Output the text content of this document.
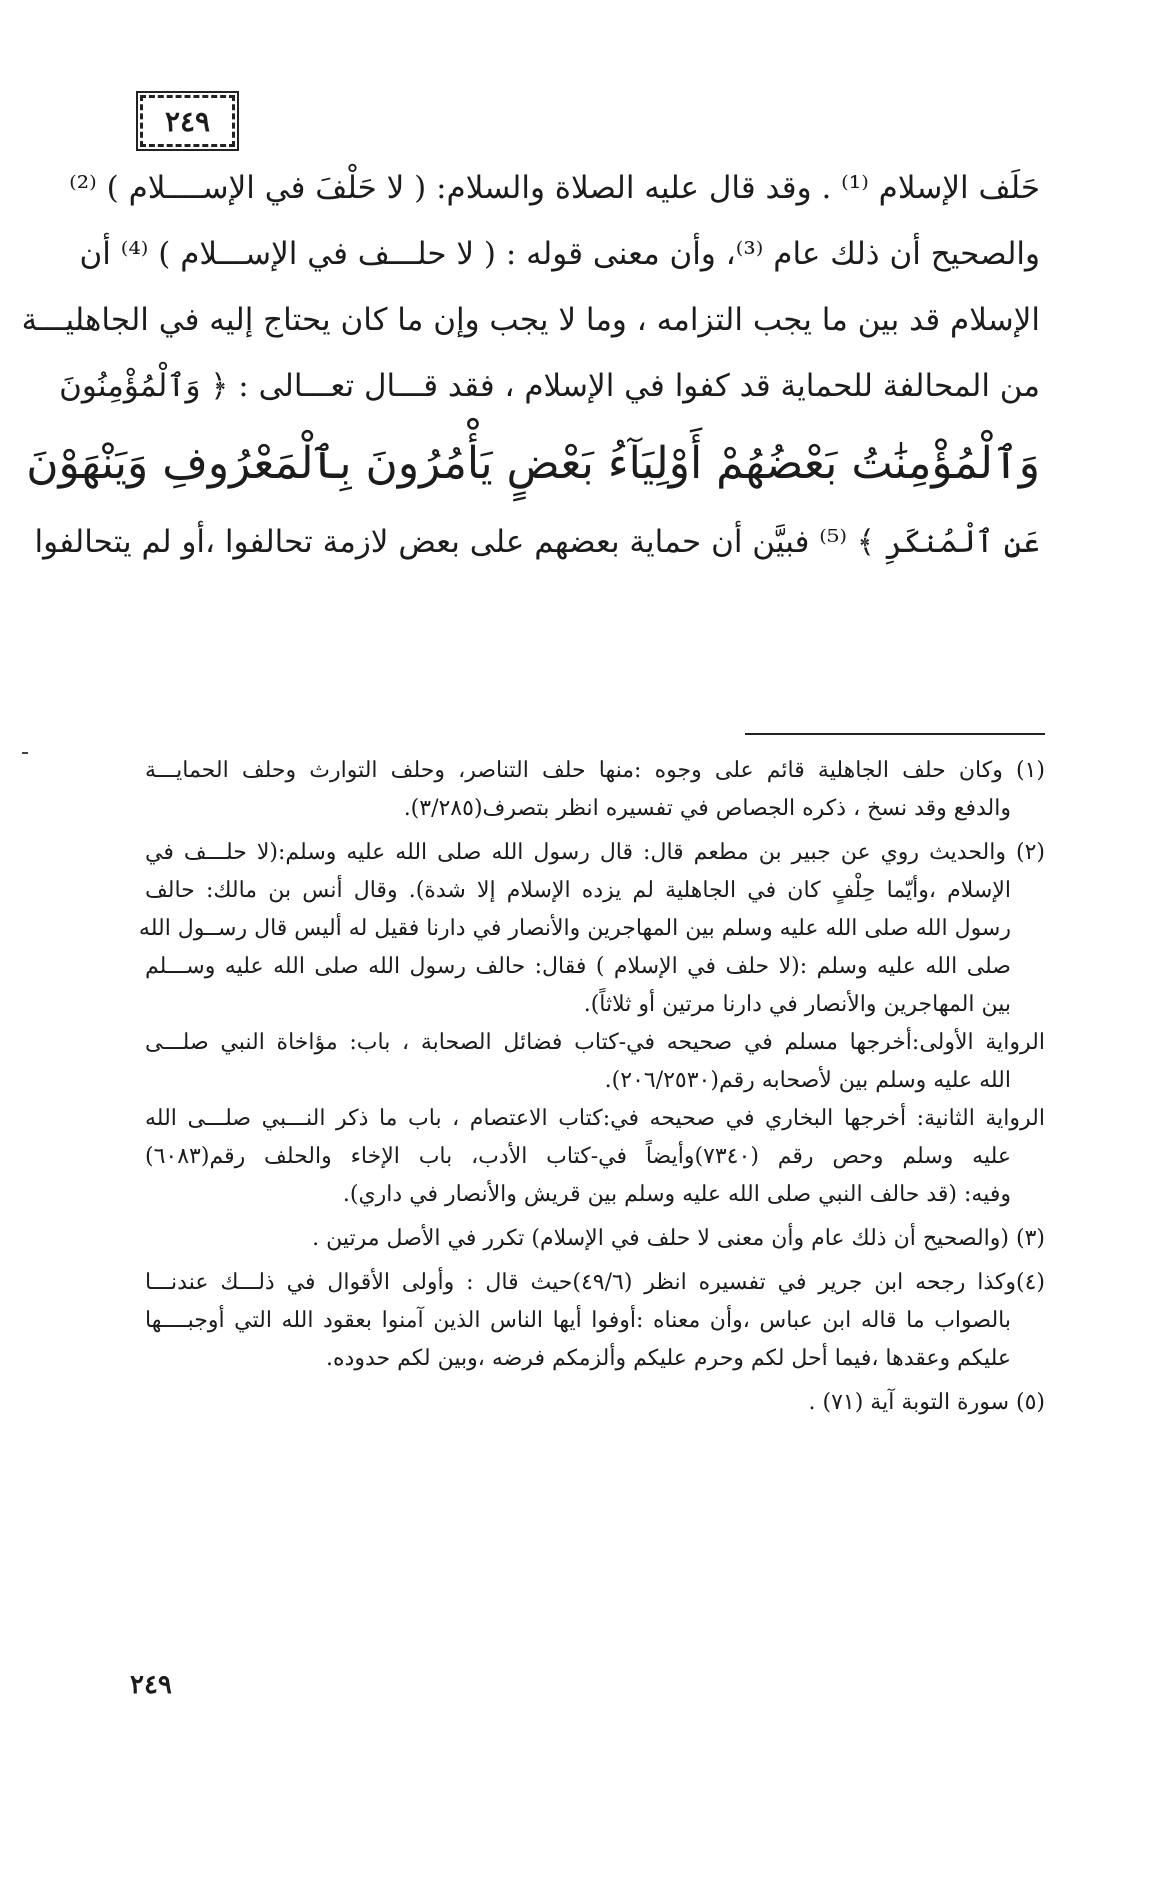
٢٤٩
حَلَف الإسلام ⁽¹⁾ . وقد قال عليه الصلاة والسلام: ( لا حَلْفَ في الإســــلام ) ⁽²⁾
والصحيح أن ذلك عام ⁽³⁾، وأن معنى قوله : ( لا حلـــف في الإســـلام ) ⁽⁴⁾ أن
الإسلام قد بين ما يجب التزامه ، وما لا يجب وإن ما كان يحتاج إليه في الجاهليـــة
من المحالفة للحماية قد كفوا في الإسلام ، فقد قـــال تعـــالى : ﴿ وَٱلْمُؤْمِنُونَ
وَٱلْمُؤْمِنَٰتُ بَعْضُهُمْ أَوْلِيَآءُ بَعْضٍ يَأْمُرُونَ بِٱلْمَعْرُوفِ وَيَنْهَوْنَ
عَنِ ٱلْمُنكَرِ ﴾ ⁽⁵⁾ فبيَّن أن حماية بعضهم على بعض لازمة تحالفوا ،أو لم يتحالفوا
(١) وكان حلف الجاهلية قائم على وجوه :منها حلف التناصر، وحلف التوارث وحلف الحمايـــة
والدفع وقد نسخ ، ذكره الجصاص في تفسيره انظر بتصرف(٣/٢٨٥).
(٢) والحديث روي عن جبير بن مطعم قال: قال رسول الله صلى الله عليه وسلم:(لا حلـــف في
الإسلام ،وأيّما حِلْفٍ كان في الجاهلية لم يزده الإسلام إلا شدة). وقال أنس بن مالك: حالف
رسول الله صلى الله عليه وسلم بين المهاجرين والأنصار في دارنا فقيل له أليس قال رســول الله
صلى الله عليه وسلم :(لا حلف في الإسلام ) فقال: حالف رسول الله صلى الله عليه وســـلم
بين المهاجرين والأنصار في دارنا مرتين أو ثلاثاً).
الرواية الأولى:أخرجها مسلم في صحيحه في-كتاب فضائل الصحابة ، باب: مؤاخاة النبي صلـــى
الله عليه وسلم بين لأصحابه رقم(٢٠٦/٢٥٣٠).
الرواية الثانية: أخرجها البخاري في صحيحه في:كتاب الاعتصام ، باب ما ذكر النـــبي صلـــى الله
عليه وسلم وحص رقم (٧٣٤٠)وأيضاً في-كتاب الأدب، باب الإخاء والحلف رقم(٦٠٨٣)
وفيه: (قد حالف النبي صلى الله عليه وسلم بين قريش والأنصار في داري).
(٣) (والصحيح أن ذلك عام وأن معنى لا حلف في الإسلام) تكرر في الأصل مرتين .
(٤)وكذا رجحه ابن جرير في تفسيره انظر (٤٩/٦)حيث قال : وأولى الأقوال في ذلـــك عندنـــا
بالصواب ما قاله ابن عباس ،وأن معناه :أوفوا أيها الناس الذين آمنوا بعقود الله التي أوجبــــها
عليكم وعقدها ،فيما أحل لكم وحرم عليكم وألزمكم فرضه ،وبين لكم حدوده.
(٥) سورة التوبة آية (٧١) .
٢٤٩
